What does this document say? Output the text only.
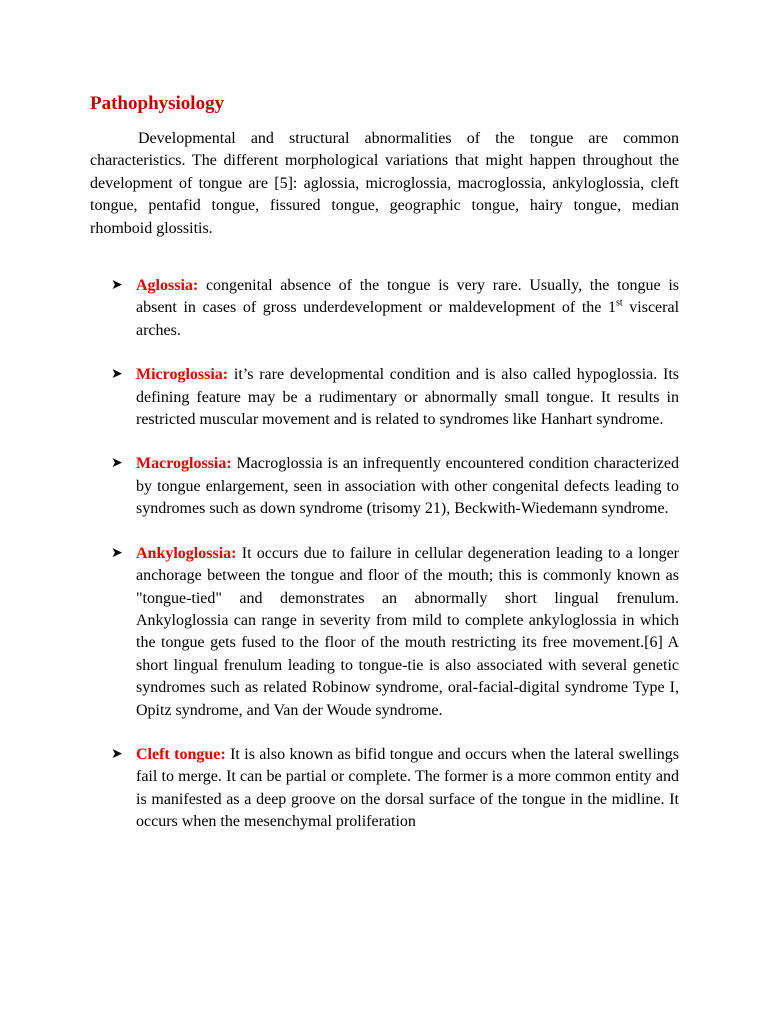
Pathophysiology

Developmental and structural abnormalities of the tongue are common characteristics. The different morphological variations that might happen throughout the development of tongue are [5]: aglossia, microglossia, macroglossia, ankyloglossia, cleft tongue, pentafid tongue, fissured tongue, geographic tongue, hairy tongue, median rhomboid glossitis.

➤ Aglossia: congenital absence of the tongue is very rare. Usually, the tongue is absent in cases of gross underdevelopment or maldevelopment of the 1st visceral arches.
➤ Microglossia: it’s rare developmental condition and is also called hypoglossia. Its defining feature may be a rudimentary or abnormally small tongue. It results in restricted muscular movement and is related to syndromes like Hanhart syndrome.
➤ Macroglossia: Macroglossia is an infrequently encountered condition characterized by tongue enlargement, seen in association with other congenital defects leading to syndromes such as down syndrome (trisomy 21), Beckwith-Wiedemann syndrome.
➤ Ankyloglossia: It occurs due to failure in cellular degeneration leading to a longer anchorage between the tongue and floor of the mouth; this is commonly known as "tongue-tied" and demonstrates an abnormally short lingual frenulum. Ankyloglossia can range in severity from mild to complete ankyloglossia in which the tongue gets fused to the floor of the mouth restricting its free movement.[6] A short lingual frenulum leading to tongue-tie is also associated with several genetic syndromes such as related Robinow syndrome, oral-facial-digital syndrome Type I, Opitz syndrome, and Van der Woude syndrome.
➤ Cleft tongue: It is also known as bifid tongue and occurs when the lateral swellings fail to merge. It can be partial or complete. The former is a more common entity and is manifested as a deep groove on the dorsal surface of the tongue in the midline. It occurs when the mesenchymal proliferation
